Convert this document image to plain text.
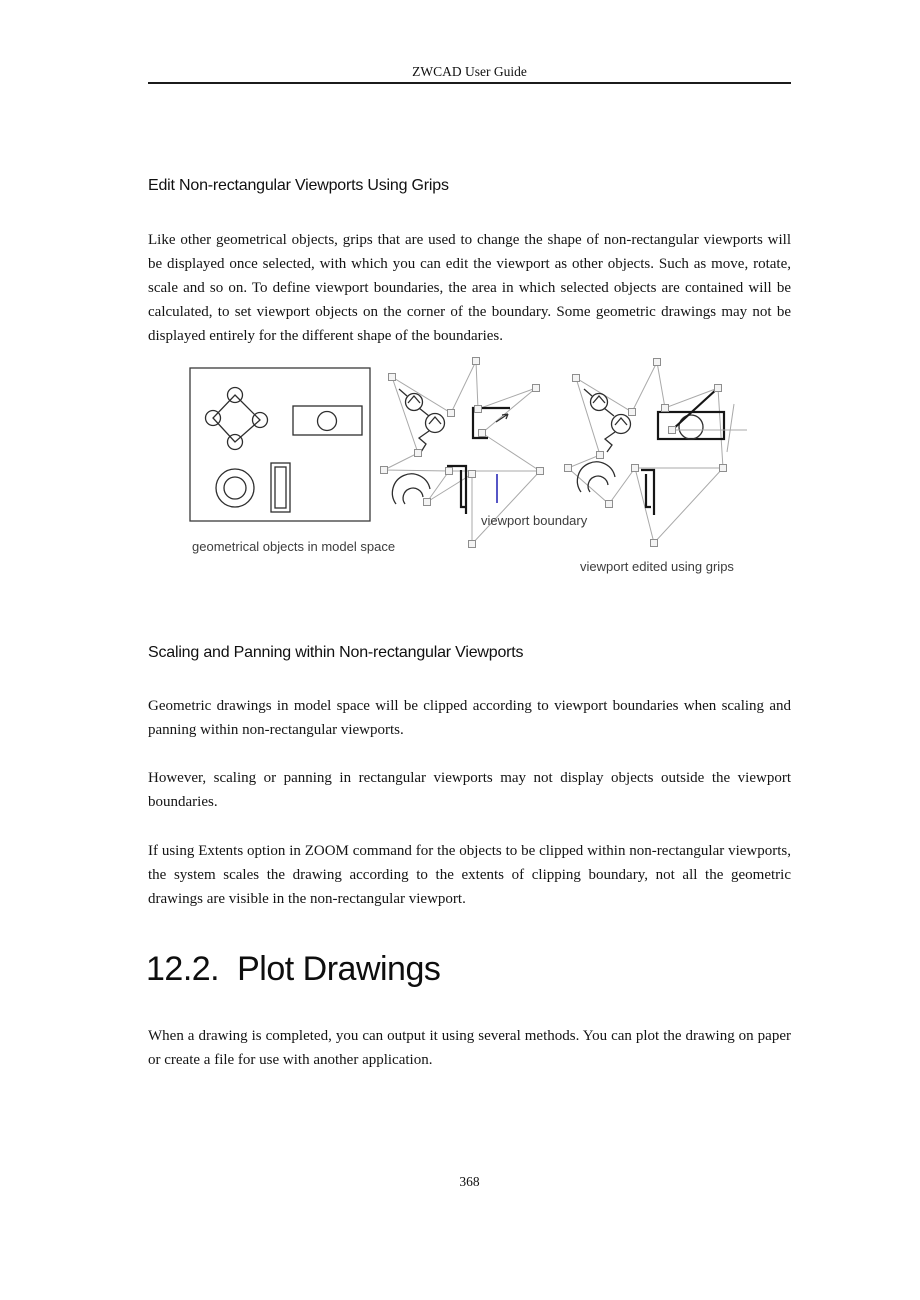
ZWCAD User Guide
Edit Non-rectangular Viewports Using Grips

Like other geometrical objects, grips that are used to change the shape of non-rectangular viewports will be displayed once selected, with which you can edit the viewport as other objects. Such as move, rotate, scale and so on. To define viewport boundaries, the area in which selected objects are contained will be calculated, to set viewport objects on the corner of the boundary. Some geometric drawings may not be displayed entirely for the different shape of the boundaries.

geometrical objects in model space
viewport boundary
viewport edited using grips
Scaling and Panning within Non-rectangular Viewports

Geometric drawings in model space will be clipped according to viewport boundaries when scaling and panning within non-rectangular viewports.

However, scaling or panning in rectangular viewports may not display objects outside the viewport boundaries.

If using Extents option in ZOOM command for the objects to be clipped within non-rectangular viewports, the system scales the drawing according to the extents of clipping boundary, not all the geometric drawings are visible in the non-rectangular viewport.

12.2. Plot Drawings

When a drawing is completed, you can output it using several methods. You can plot the drawing on paper or create a file for use with another application.

368
